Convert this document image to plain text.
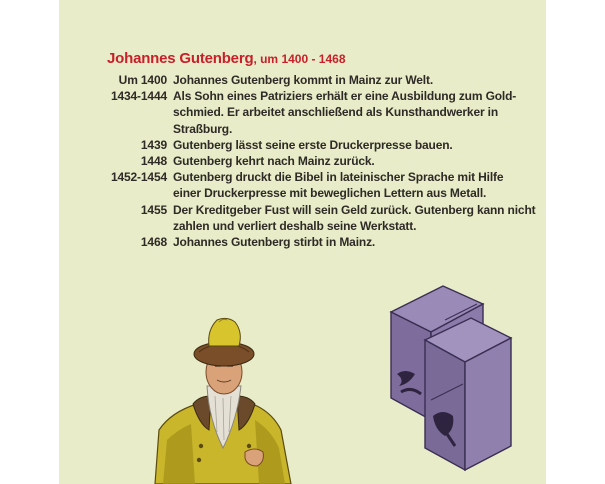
Johannes Gutenberg, um 1400 - 1468
Um 1400 Johannes Gutenberg kommt in Mainz zur Welt.
1434-1444 Als Sohn eines Patriziers erhält er eine Ausbildung zum Gold-
schmied. Er arbeitet anschließend als Kunsthandwerker in
Straßburg.
1439 Gutenberg lässt seine erste Druckerpresse bauen.
1448 Gutenberg kehrt nach Mainz zurück.
1452-1454 Gutenberg druckt die Bibel in lateinischer Sprache mit Hilfe
einer Druckerpresse mit beweglichen Lettern aus Metall.
1455 Der Kreditgeber Fust will sein Geld zurück. Gutenberg kann nicht
zahlen und verliert deshalb seine Werkstatt.
1468 Johannes Gutenberg stirbt in Mainz.
